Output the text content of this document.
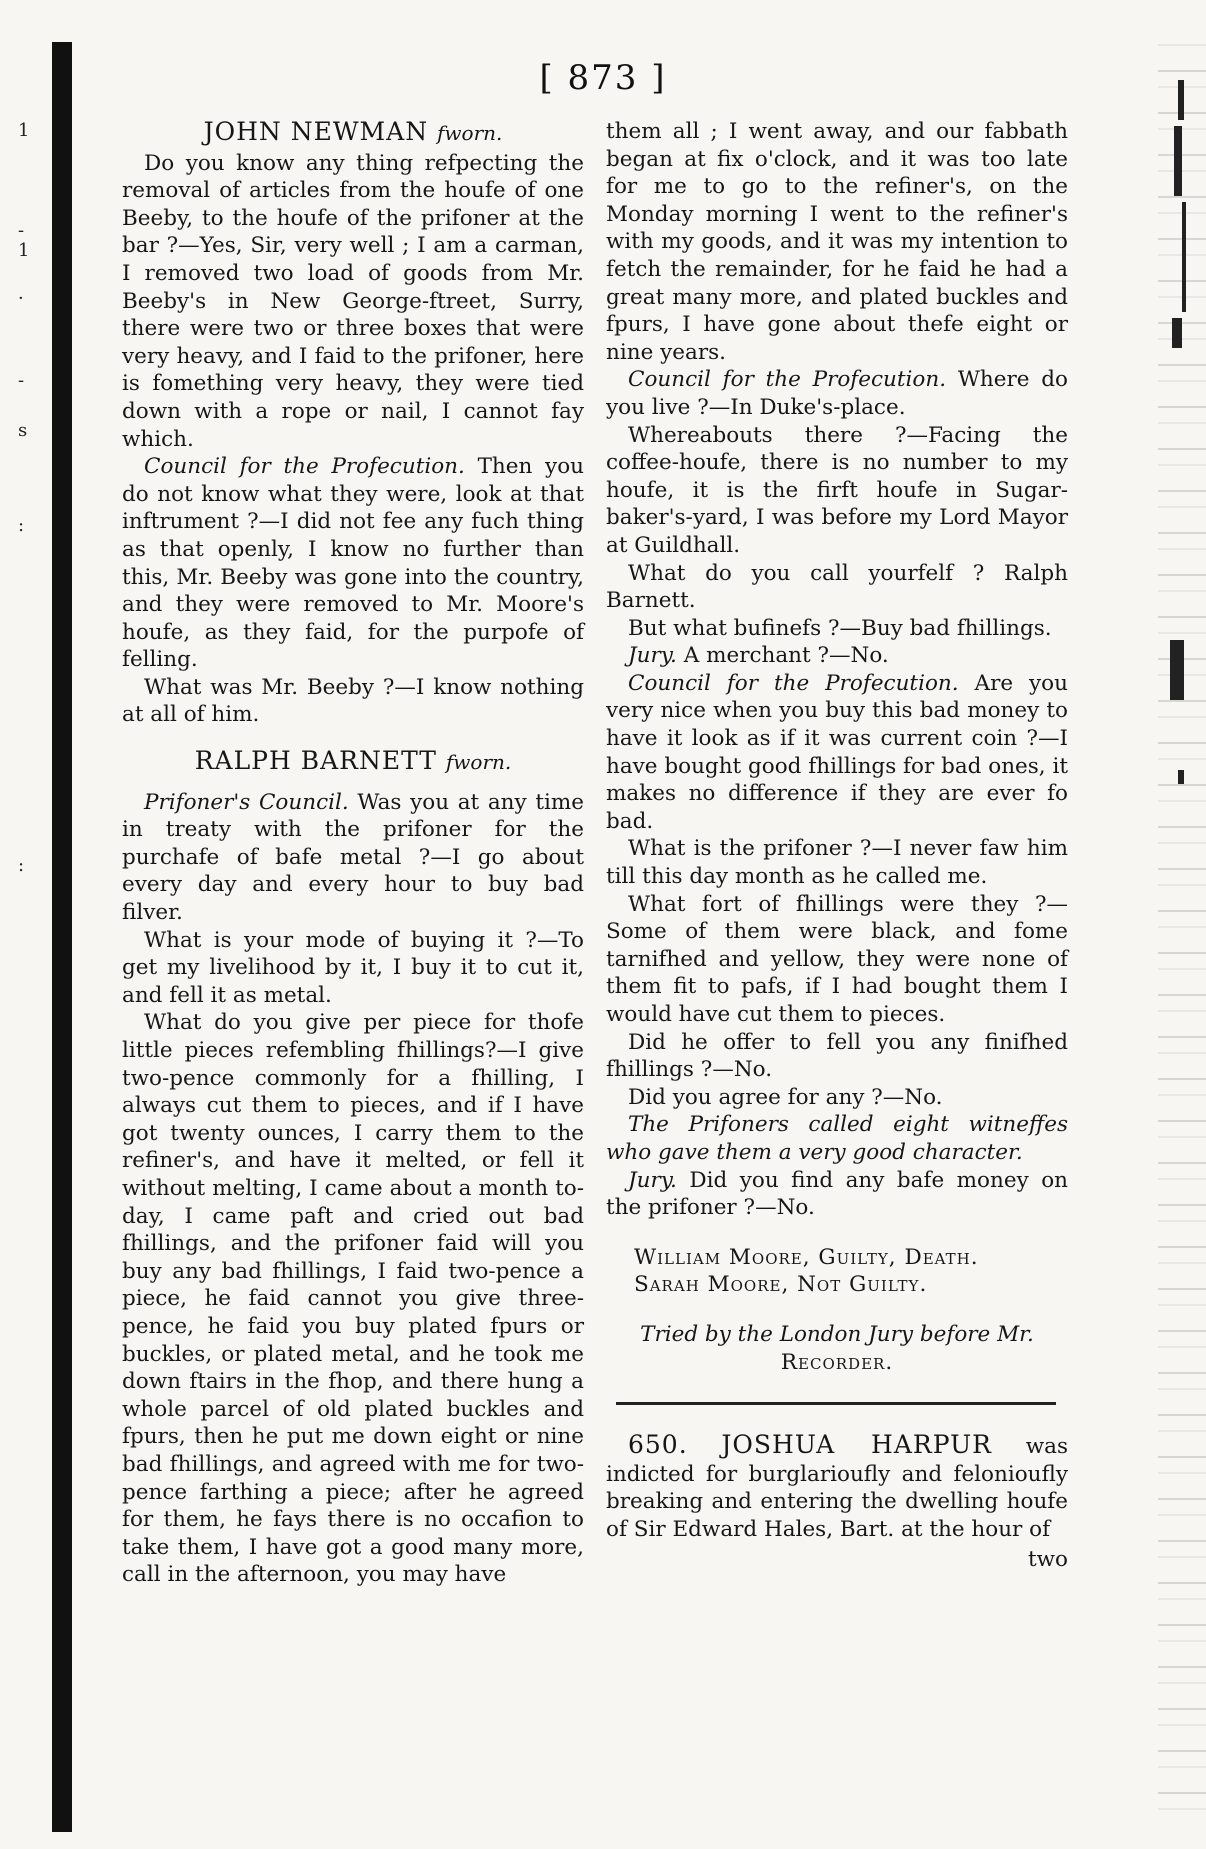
1
-
1
·
-
s
:
:
[ 873 ]
JOHN NEWMAN fworn.

Do you know any thing refpecting the removal of articles from the houfe of one Beeby, to the houfe of the prifoner at the bar ?—Yes, Sir, very well ; I am a carman, I removed two load of goods from Mr. Beeby's in New George-ftreet, Surry, there were two or three boxes that were very heavy, and I faid to the prifoner, here is fomething very heavy, they were tied down with a rope or nail, I cannot fay which.

Council for the Profecution. Then you do not know what they were, look at that inftrument ?—I did not fee any fuch thing as that openly, I know no further than this, Mr. Beeby was gone into the country, and they were removed to Mr. Moore's houfe, as they faid, for the purpofe of felling.

What was Mr. Beeby ?—I know nothing at all of him.

RALPH BARNETT fworn.

Prifoner's Council. Was you at any time in treaty with the prifoner for the purchafe of bafe metal ?—I go about every day and every hour to buy bad filver.

What is your mode of buying it ?—To get my livelihood by it, I buy it to cut it, and fell it as metal.

What do you give per piece for thofe little pieces refembling fhillings?—I give two-pence commonly for a fhilling, I always cut them to pieces, and if I have got twenty ounces, I carry them to the refiner's, and have it melted, or fell it without melting, I came about a month to-day, I came paft and cried out bad fhillings, and the prifoner faid will you buy any bad fhillings, I faid two-pence a piece, he faid cannot you give three-pence, he faid you buy plated fpurs or buckles, or plated metal, and he took me down ftairs in the fhop, and there hung a whole parcel of old plated buckles and fpurs, then he put me down eight or nine bad fhillings, and agreed with me for two-pence farthing a piece; after he agreed for them, he fays there is no occafion to take them, I have got a good many more, call in the afternoon, you may have

them all ; I went away, and our fabbath began at fix o'clock, and it was too late for me to go to the refiner's, on the Monday morning I went to the refiner's with my goods, and it was my intention to fetch the remainder, for he faid he had a great many more, and plated buckles and fpurs, I have gone about thefe eight or nine years.

Council for the Profecution. Where do you live ?—In Duke's-place.

Whereabouts there ?—Facing the coffee-houfe, there is no number to my houfe, it is the firft houfe in Sugar-baker's-yard, I was before my Lord Mayor at Guildhall.

What do you call yourfelf ? Ralph Barnett.

But what bufinefs ?—Buy bad fhillings.

Jury. A merchant ?—No.

Council for the Profecution. Are you very nice when you buy this bad money to have it look as if it was current coin ?—I have bought good fhillings for bad ones, it makes no difference if they are ever fo bad.

What is the prifoner ?—I never faw him till this day month as he called me.

What fort of fhillings were they ?—Some of them were black, and fome tarnifhed and yellow, they were none of them fit to pafs, if I had bought them I would have cut them to pieces.

Did he offer to fell you any finifhed fhillings ?—No.

Did you agree for any ?—No.

The Prifoners called eight witneffes who gave them a very good character.

Jury. Did you find any bafe money on the prifoner ?—No.

William Moore, Guilty, Death.
Sarah Moore, Not Guilty.
Tried by the London Jury before Mr.
Recorder.

650. JOSHUA HARPUR was indicted for burglarioufly and felonioufly breaking and entering the dwelling houfe of Sir Edward Hales, Bart. at the hour of

two
